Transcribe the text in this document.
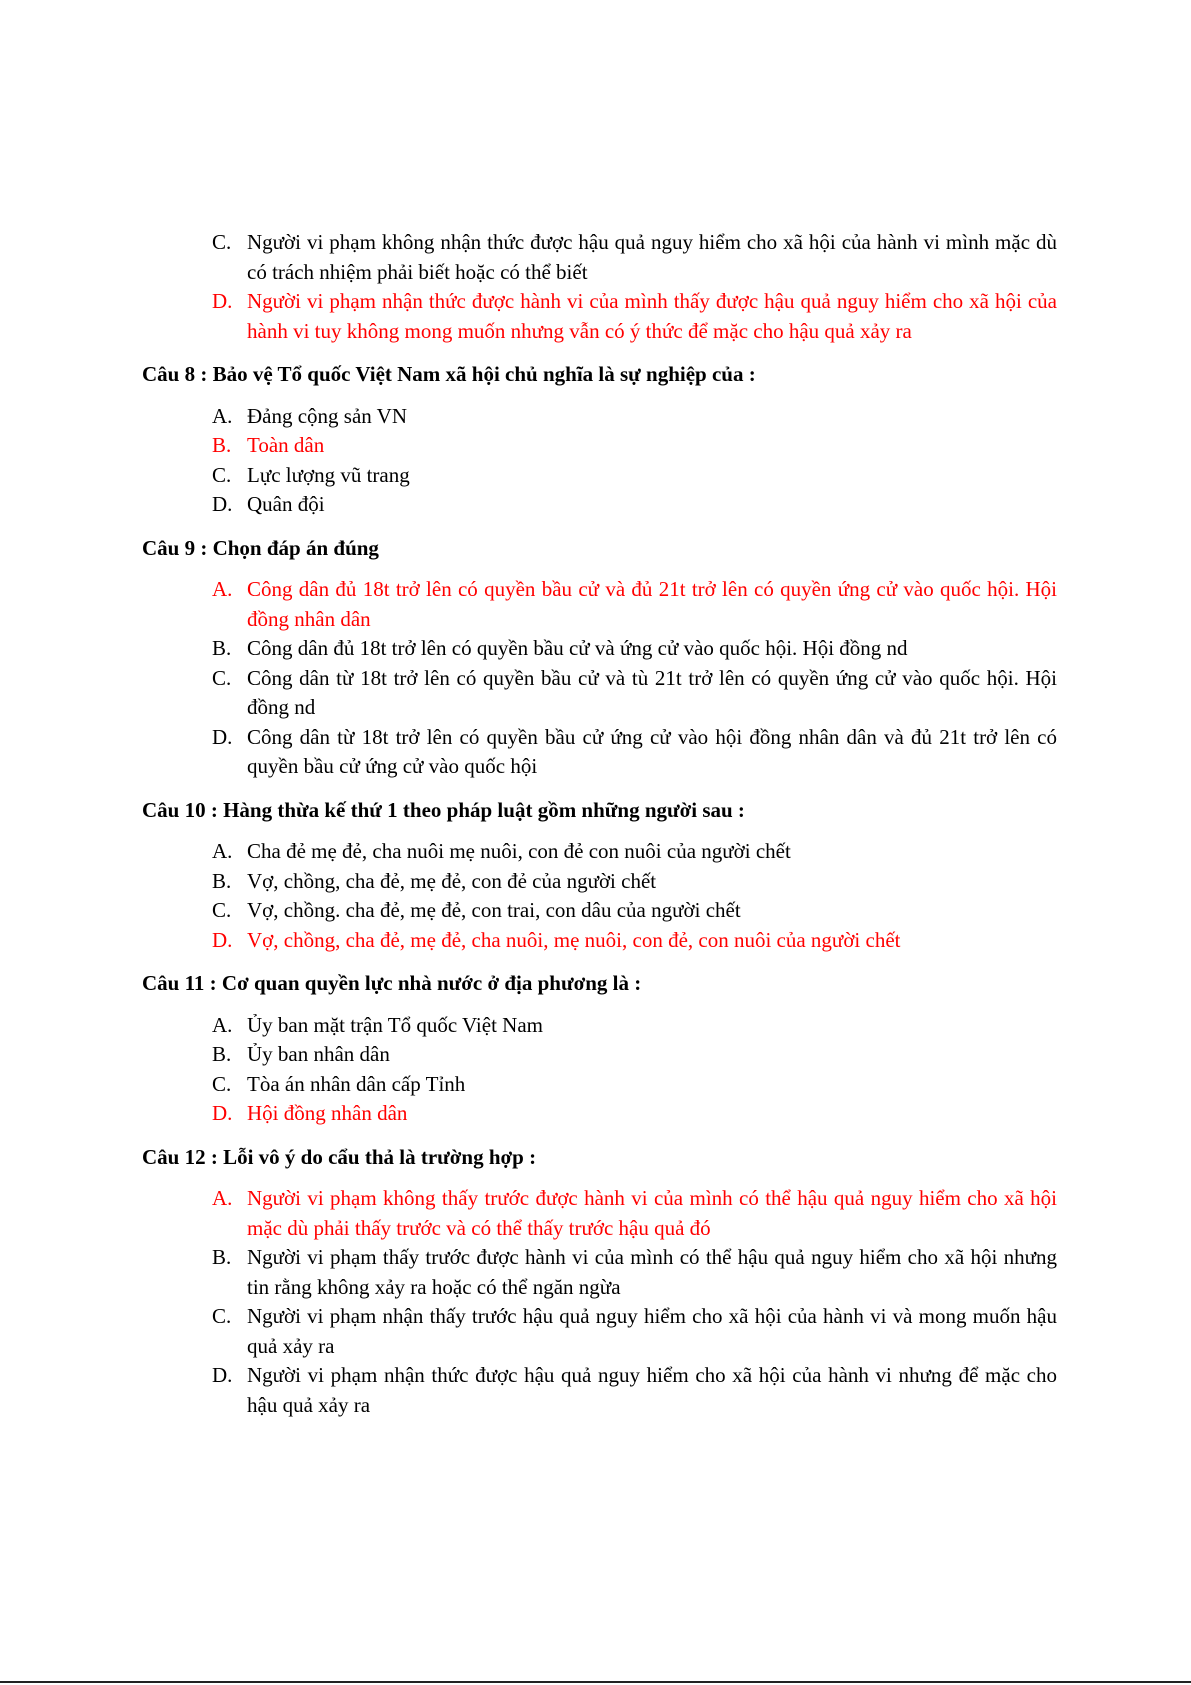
C. Người vi phạm không nhận thức được hậu quả nguy hiểm cho xã hội của hành vi mình mặc dù có trách nhiệm phải biết hoặc có thể biết
D. Người vi phạm nhận thức được hành vi của mình thấy được hậu quả nguy hiểm cho xã hội của hành vi tuy không mong muốn nhưng vẫn có ý thức để mặc cho hậu quả xảy ra
Câu 8 : Bảo vệ Tổ quốc Việt Nam xã hội chủ nghĩa là sự nghiệp của :
A. Đảng cộng sản VN
B. Toàn dân
C. Lực lượng vũ trang
D. Quân đội
Câu 9 : Chọn đáp án đúng
A. Công dân đủ 18t trở lên có quyền bầu cử và đủ 21t trở lên có quyền ứng cử vào quốc hội. Hội đồng nhân dân
B. Công dân đủ 18t trở lên có quyền bầu cử và ứng cử vào quốc hội. Hội đồng nd
C. Công dân từ 18t trở lên có quyền bầu cử và tù 21t trở lên có quyền ứng cử vào quốc hội. Hội đồng nd
D. Công dân từ 18t trở lên có quyền bầu cử ứng cử vào hội đồng nhân dân và đủ 21t trở lên có quyền bầu cử ứng cử vào quốc hội
Câu 10 : Hàng thừa kế thứ 1 theo pháp luật gồm những người sau :
A. Cha đẻ mẹ đẻ, cha nuôi mẹ nuôi, con đẻ con nuôi của người chết
B. Vợ, chồng, cha đẻ, mẹ đẻ, con đẻ của người chết
C. Vợ, chồng. cha đẻ, mẹ đẻ, con trai, con dâu của người chết
D. Vợ, chồng, cha đẻ, mẹ đẻ, cha nuôi, mẹ nuôi, con đẻ, con nuôi của người chết
Câu 11 : Cơ quan quyền lực nhà nước ở địa phương là :
A. Ủy ban mặt trận Tổ quốc Việt Nam
B. Ủy ban nhân dân
C. Tòa án nhân dân cấp Tỉnh
D. Hội đồng nhân dân
Câu 12 : Lỗi vô ý do cẩu thả là trường hợp :
A. Người vi phạm không thấy trước được hành vi của mình có thể hậu quả nguy hiểm cho xã hội mặc dù phải thấy trước và có thể thấy trước hậu quả đó
B. Người vi phạm thấy trước được hành vi của mình có thể hậu quả nguy hiểm cho xã hội nhưng tin rằng không xảy ra hoặc có thể ngăn ngừa
C. Người vi phạm nhận thấy trước hậu quả nguy hiểm cho xã hội của hành vi và mong muốn hậu quả xảy ra
D. Người vi phạm nhận thức được hậu quả nguy hiểm cho xã hội của hành vi nhưng để mặc cho hậu quả xảy ra
